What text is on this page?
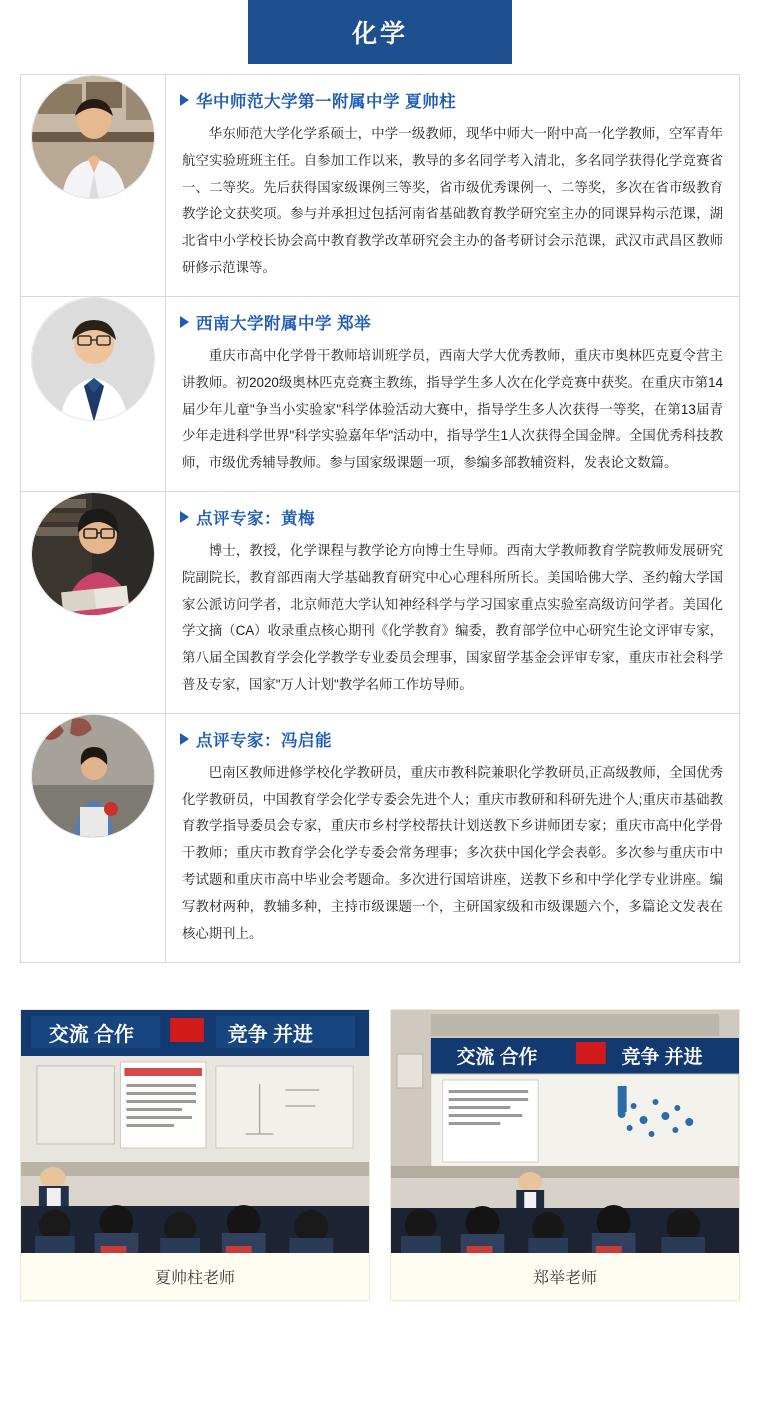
化学

华中师范大学第一附属中学 夏帅柱
华东师范大学化学系硕士，中学一级教师，现华中师大一附中高一化学教师，空军青年航空实验班班主任。自参加工作以来，教导的多名同学考入清北，多名同学获得化学竞赛省一、二等奖。先后获得国家级课例三等奖，省市级优秀课例一、二等奖，多次在省市级教育教学论文获奖项。参与并承担过包括河南省基础教育教学研究室主办的同课异构示范课，湖北省中小学校长协会高中教育教学改革研究会主办的备考研讨会示范课，武汉市武昌区教师研修示范课等。

西南大学附属中学 郑举
重庆市高中化学骨干教师培训班学员，西南大学大优秀教师，重庆市奥林匹克夏令营主讲教师。初2020级奥林匹克竞赛主教练，指导学生多人次在化学竞赛中获奖。在重庆市第14届少年儿童"争当小实验家"科学体验活动大赛中，指导学生多人次获得一等奖，在第13届青少年走进科学世界"科学实验嘉年华"活动中，指导学生1人次获得全国金牌。全国优秀科技教师，市级优秀辅导教师。参与国家级课题一项，参编多部教辅资料，发表论文数篇。

点评专家：黄梅
博士，教授，化学课程与教学论方向博士生导师。西南大学教师教育学院教师发展研究院副院长，教育部西南大学基础教育研究中心心理科所所长。美国哈佛大学、圣约翰大学国家公派访问学者，北京师范大学认知神经科学与学习国家重点实验室高级访问学者。美国化学文摘（CA）收录重点核心期刊《化学教育》编委，教育部学位中心研究生论文评审专家，第八届全国教育学会化学教学专业委员会理事，国家留学基金会评审专家，重庆市社会科学普及专家，国家"万人计划"教学名师工作坊导师。

点评专家：冯启能
巴南区教师进修学校化学教研员，重庆市教科院兼职化学教研员,正高级教师，全国优秀化学教研员，中国教育学会化学专委会先进个人；重庆市教研和科研先进个人;重庆市基础教育教学指导委员会专家，重庆市乡村学校帮扶计划送教下乡讲师团专家；重庆市高中化学骨干教师；重庆市教育学会化学专委会常务理事；多次获中国化学会表彰。多次参与重庆市中考试题和重庆市高中毕业会考题命。多次进行国培讲座，送教下乡和中学化学专业讲座。编写教材两种，教辅多种，主持市级课题一个，主研国家级和市级课题六个，多篇论文发表在核心期刊上。
交流 合作	竞争 并进
夏帅柱老师
交流 合作	竞争 并进
郑举老师
